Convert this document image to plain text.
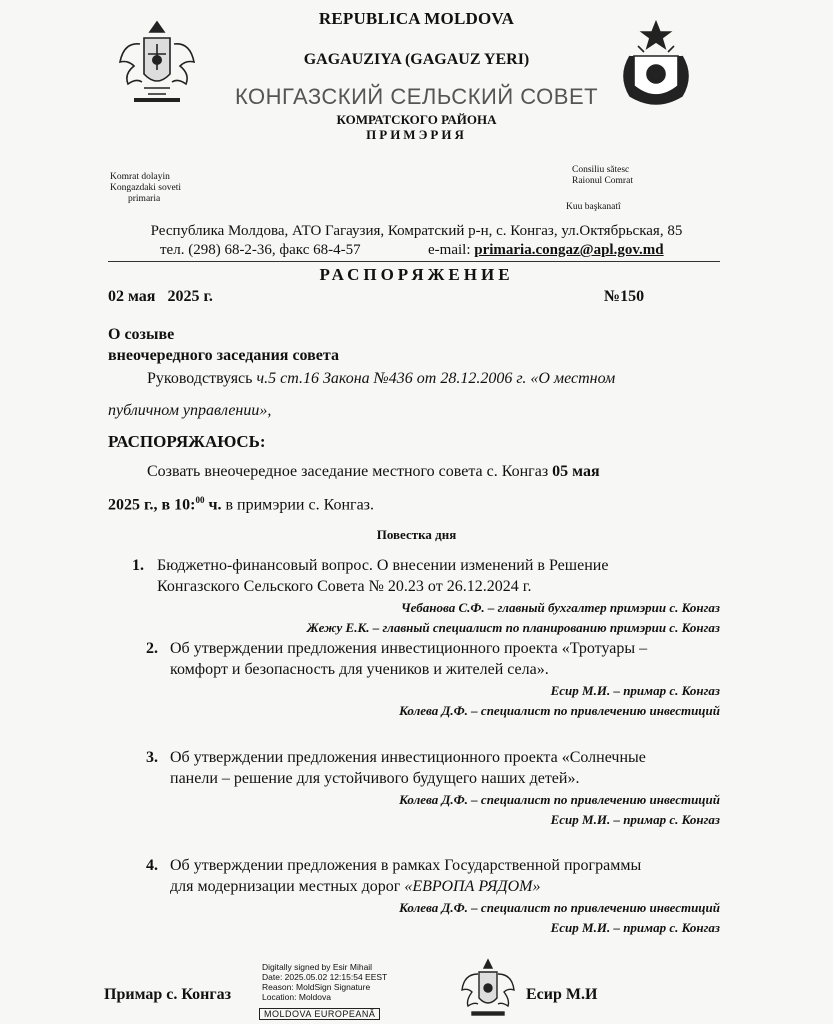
REPUBLICA MOLDOVA
GAGAUZIYA (GAGAUZ YERI)
КОНГАЗСКИЙ СЕЛЬСКИЙ СОВЕТ
КОМРАТСКОГО РАЙОНА
ПРИМЭРИЯ
Komrat dolayin
Kongazdaki soveti
primaria
Consiliu sătesc
Raionul Comrat
Kuu başkanatî
Республика Молдова, АТО Гагаузия, Комратский р-н, с. Конгаз, ул.Октябрьская, 85
тел. (298) 68-2-36, факс 68-4-57	e-mail: primaria.congaz@apl.gov.md
РАСПОРЯЖЕНИЕ
02 мая 2025 г.	№150
О созыве
внеочередного заседания совета
Руководствуясь ч.5 ст.16 Закона №436 от 28.12.2006 г. «О местном
публичном управлении»,
РАСПОРЯЖАЮСЬ:
Созвать внеочередное заседание местного совета с. Конгаз 05 мая
2025 г., в 10:$^{00}$ ч. в примэрии с. Конгаз.
Повестка дня
1. Бюджетно-финансовый вопрос. О внесении изменений в Решение
Конгазского Сельского Совета № 20.23 от 26.12.2024 г.
Чебанова С.Ф. – главный бухгалтер примэрии с. Конгаз
Жежу Е.К. – главный специалист по планированию примэрии с. Конгаз
2. Об утверждении предложения инвестиционного проекта «Тротуары –
комфорт и безопасность для учеников и жителей села».
Есир М.И. – примар с. Конгаз
Колева Д.Ф. – специалист по привлечению инвестиций
3. Об утверждении предложения инвестиционного проекта «Солнечные
панели – решение для устойчивого будущего наших детей».
Колева Д.Ф. – специалист по привлечению инвестиций
Есир М.И. – примар с. Конгаз
4. Об утверждении предложения в рамках Государственной программы
для модернизации местных дорог «ЕВРОПА РЯДОМ»
Колева Д.Ф. – специалист по привлечению инвестиций
Есир М.И. – примар с. Конгаз
Примар с. Конгаз
Digitally signed by Esir Mihail
Date: 2025.05.02 12:15:54 EEST
Reason: MoldSign Signature
Location: Moldova
MOLDOVA EUROPEANĂ
Есир М.И
